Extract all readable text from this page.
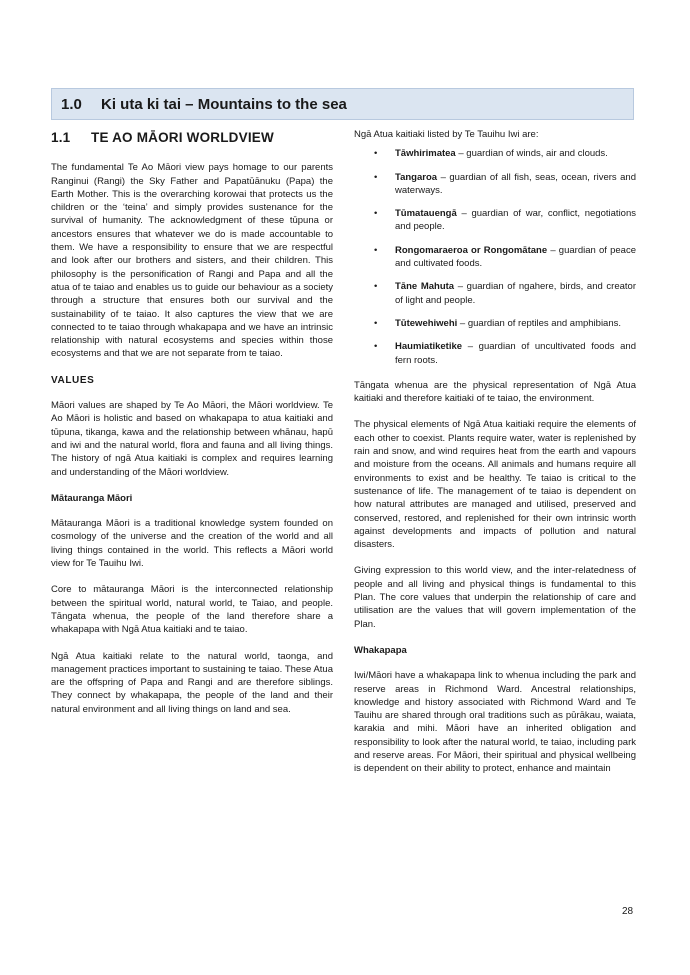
1.0	Ki uta ki tai – Mountains to the sea
1.1	TE AO MĀORI WORLDVIEW

The fundamental Te Ao Māori view pays homage to our parents Ranginui (Rangi) the Sky Father and Papatūānuku (Papa) the Earth Mother. This is the overarching korowai that protects us the children or the ‘teina’ and simply provides sustenance for the survival of humanity. The acknowledgment of these tūpuna or ancestors ensures that whatever we do is made accountable to them. We have a responsibility to ensure that we are respectful and look after our brothers and sisters, and their children. This philosophy is the personification of Rangi and Papa and all the atua of te taiao and enables us to guide our behaviour as a society through a structure that ensures both our survival and the sustainability of te taiao. It also captures the view that we are connected to te taiao through whakapapa and we have an intrinsic relationship with natural ecosystems and species within those ecosystems and that we are not separate from te taiao.

VALUES

Māori values are shaped by Te Ao Māori, the Māori worldview. Te Ao Māori is holistic and based on whakapapa to atua kaitiaki and tūpuna, tikanga, kawa and the relationship between whānau, hapū and iwi and the natural world, flora and fauna and all living things. The history of ngā Atua kaitiaki is complex and requires learning and understanding of the Māori worldview.

Mātauranga Māori

Mātauranga Māori is a traditional knowledge system founded on cosmology of the universe and the creation of the world and all living things contained in the world. This reflects a Māori world view for Te Tauihu Iwi.

Core to mātauranga Māori is the interconnected relationship between the spiritual world, natural world, te Taiao, and people. Tāngata whenua, the people of the land therefore share a whakapapa with Ngā Atua kaitiaki and te taiao.

Ngā Atua kaitiaki relate to the natural world, taonga, and management practices important to sustaining te taiao. These Atua are the offspring of Papa and Rangi and are therefore siblings. They connect by whakapapa, the people of the land and their natural environment and all living things on land and sea.

Ngā Atua kaitiaki listed by Te Tauihu Iwi are:

• Tāwhirimatea – guardian of winds, air and clouds.
• Tangaroa – guardian of all fish, seas, ocean, rivers and waterways.
• Tūmatauengā – guardian of war, conflict, negotiations and people.
• Rongomaraeroa or Rongomātane – guardian of peace and cultivated foods.
• Tāne Mahuta – guardian of ngahere, birds, and creator of light and people.
• Tūtewehiwehi – guardian of reptiles and amphibians.
• Haumiatiketike – guardian of uncultivated foods and fern roots.

Tāngata whenua are the physical representation of Ngā Atua kaitiaki and therefore kaitiaki of te taiao, the environment.

The physical elements of Ngā Atua kaitiaki require the elements of each other to coexist. Plants require water, water is replenished by rain and snow, and wind requires heat from the earth and vapours and moisture from the oceans. All animals and humans require all environments to exist and be healthy. Te taiao is critical to the sustenance of life. The management of te taiao is dependent on how natural attributes are managed and utilised, preserved and conserved, restored, and replenished for their own intrinsic worth against developments and impacts of pollution and natural disasters.

Giving expression to this world view, and the inter-relatedness of people and all living and physical things is fundamental to this Plan. The core values that underpin the relationship of care and utilisation are the values that will govern implementation of the Plan.

Whakapapa

Iwi/Māori have a whakapapa link to whenua including the park and reserve areas in Richmond Ward. Ancestral relationships, knowledge and history associated with Richmond Ward and Te Tauihu are shared through oral traditions such as pūrākau, waiata, karakia and mihi. Māori have an inherited obligation and responsibility to look after the natural world, te taiao, including park and reserve areas. For Māori, their spiritual and physical wellbeing is dependent on their ability to protect, enhance and maintain

28
